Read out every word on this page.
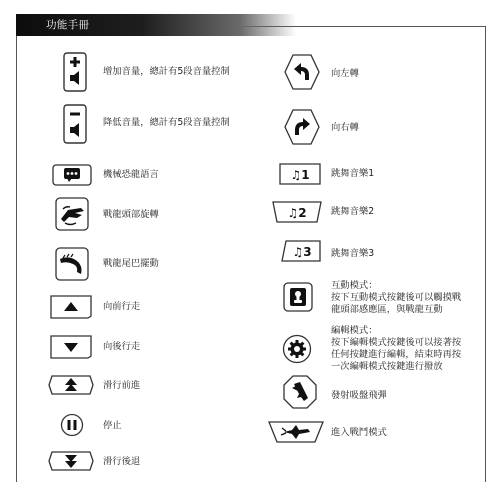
功能手冊
增加音量，總計有5段音量控制
降低音量，總計有5段音量控制
機械恐龍語言
戰龍頭部旋轉
戰龍尾巴擺動
向前行走
向後行走
滑行前進
停止
滑行後退
向左轉
向右轉
♫1 跳舞音樂1
♫2	跳舞音樂2
♫3 跳舞音樂3
互動模式：
按下互動模式按鍵後可以觸摸戰
龍頭部感應區，與戰龍互動
編輯模式：
按下編輯模式按鍵後可以接著按
任何按鍵進行編輯，結束時再按
一次編輯模式按鍵進行撥放
發射吸盤飛彈
進入戰鬥模式
